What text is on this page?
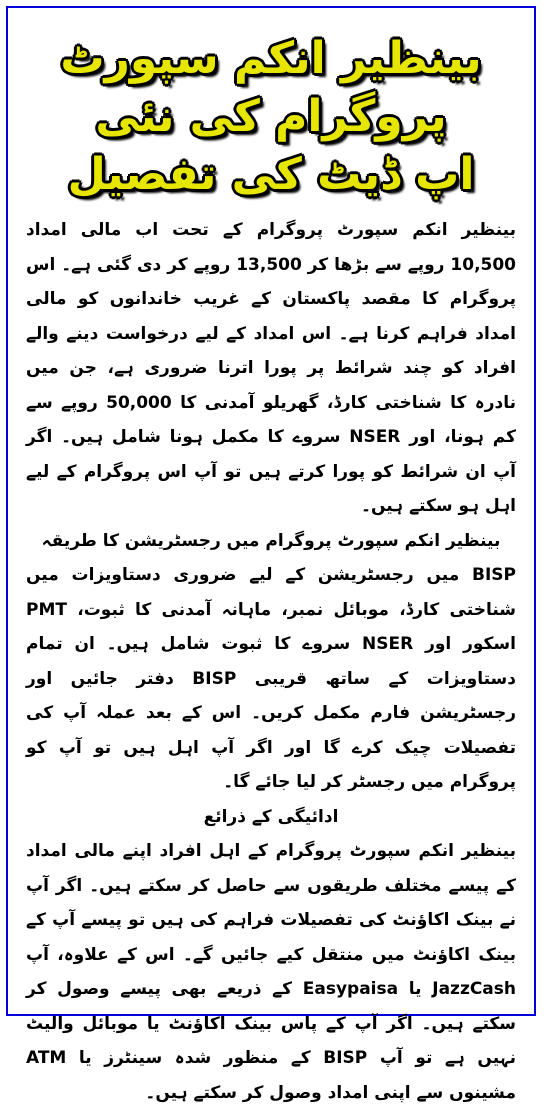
بینظیر انکم سپورٹ پروگرام کی نئی
اپ ڈیٹ کی تفصیل

بینظیر انکم سپورٹ پروگرام کے تحت اب مالی امداد 10,500 روپے سے بڑھا کر 13,500 روپے کر دی گئی ہے۔ اس پروگرام کا مقصد پاکستان کے غریب خاندانوں کو مالی امداد فراہم کرنا ہے۔ اس امداد کے لیے درخواست دینے والے افراد کو چند شرائط پر پورا اترنا ضروری ہے، جن میں نادرہ کا شناختی کارڈ، گھریلو آمدنی کا 50,000 روپے سے کم ہونا، اور NSER سروے کا مکمل ہونا شامل ہیں۔ اگر آپ ان شرائط کو پورا کرتے ہیں تو آپ اس پروگرام کے لیے اہل ہو سکتے ہیں۔

بینظیر انکم سپورٹ پروگرام میں رجسٹریشن کا طریقہ

BISP میں رجسٹریشن کے لیے ضروری دستاویزات میں شناختی کارڈ، موبائل نمبر، ماہانہ آمدنی کا ثبوت، PMT اسکور اور NSER سروے کا ثبوت شامل ہیں۔ ان تمام دستاویزات کے ساتھ قریبی BISP دفتر جائیں اور رجسٹریشن فارم مکمل کریں۔ اس کے بعد عملہ آپ کی تفصیلات چیک کرے گا اور اگر آپ اہل ہیں تو آپ کو پروگرام میں رجسٹر کر لیا جائے گا۔

ادائیگی کے ذرائع

بینظیر انکم سپورٹ پروگرام کے اہل افراد اپنے مالی امداد کے پیسے مختلف طریقوں سے حاصل کر سکتے ہیں۔ اگر آپ نے بینک اکاؤنٹ کی تفصیلات فراہم کی ہیں تو پیسے آپ کے بینک اکاؤنٹ میں منتقل کیے جائیں گے۔ اس کے علاوہ، آپ JazzCash یا Easypaisa کے ذریعے بھی پیسے وصول کر سکتے ہیں۔ اگر آپ کے پاس بینک اکاؤنٹ یا موبائل والیٹ نہیں ہے تو آپ BISP کے منظور شدہ سینٹرز یا ATM مشینوں سے اپنی امداد وصول کر سکتے ہیں۔
